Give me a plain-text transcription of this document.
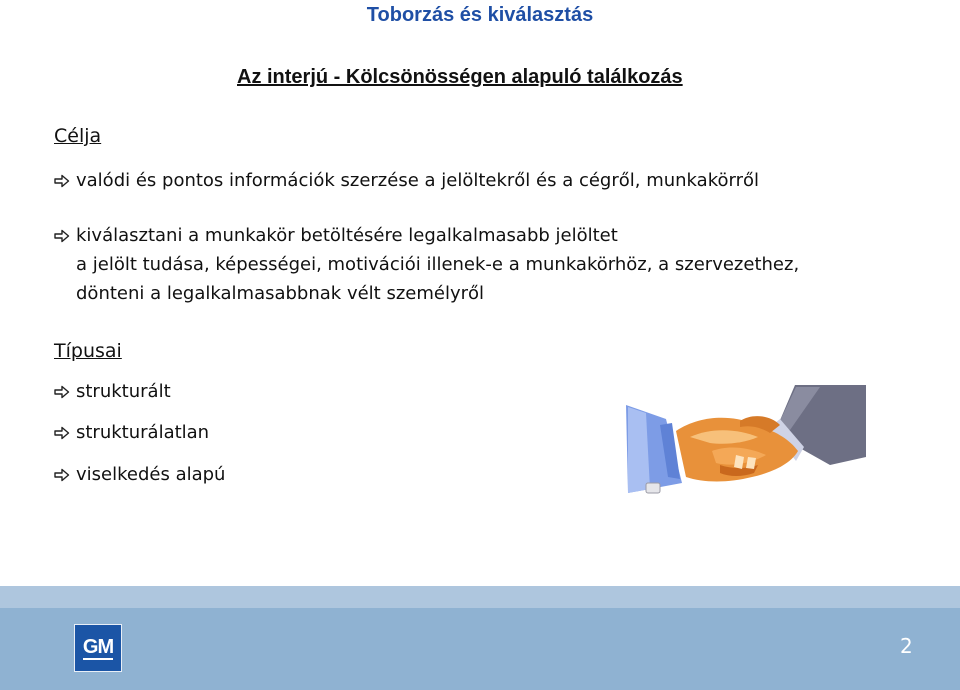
Toborzás és kiválasztás
Az interjú - Kölcsönösségen alapuló találkozás
Célja
valódi és pontos információk szerzése a jelöltekről és a cégről, munkakörről
kiválasztani a munkakör betöltésére legalkalmasabb jelöltet
a jelölt tudása, képességei, motivációi illenek-e a munkakörhöz, a szervezethez,
dönteni a legalkalmasabbnak vélt személyről
Típusai
strukturált
strukturálatlan
viselkedés alapú
GM	2
